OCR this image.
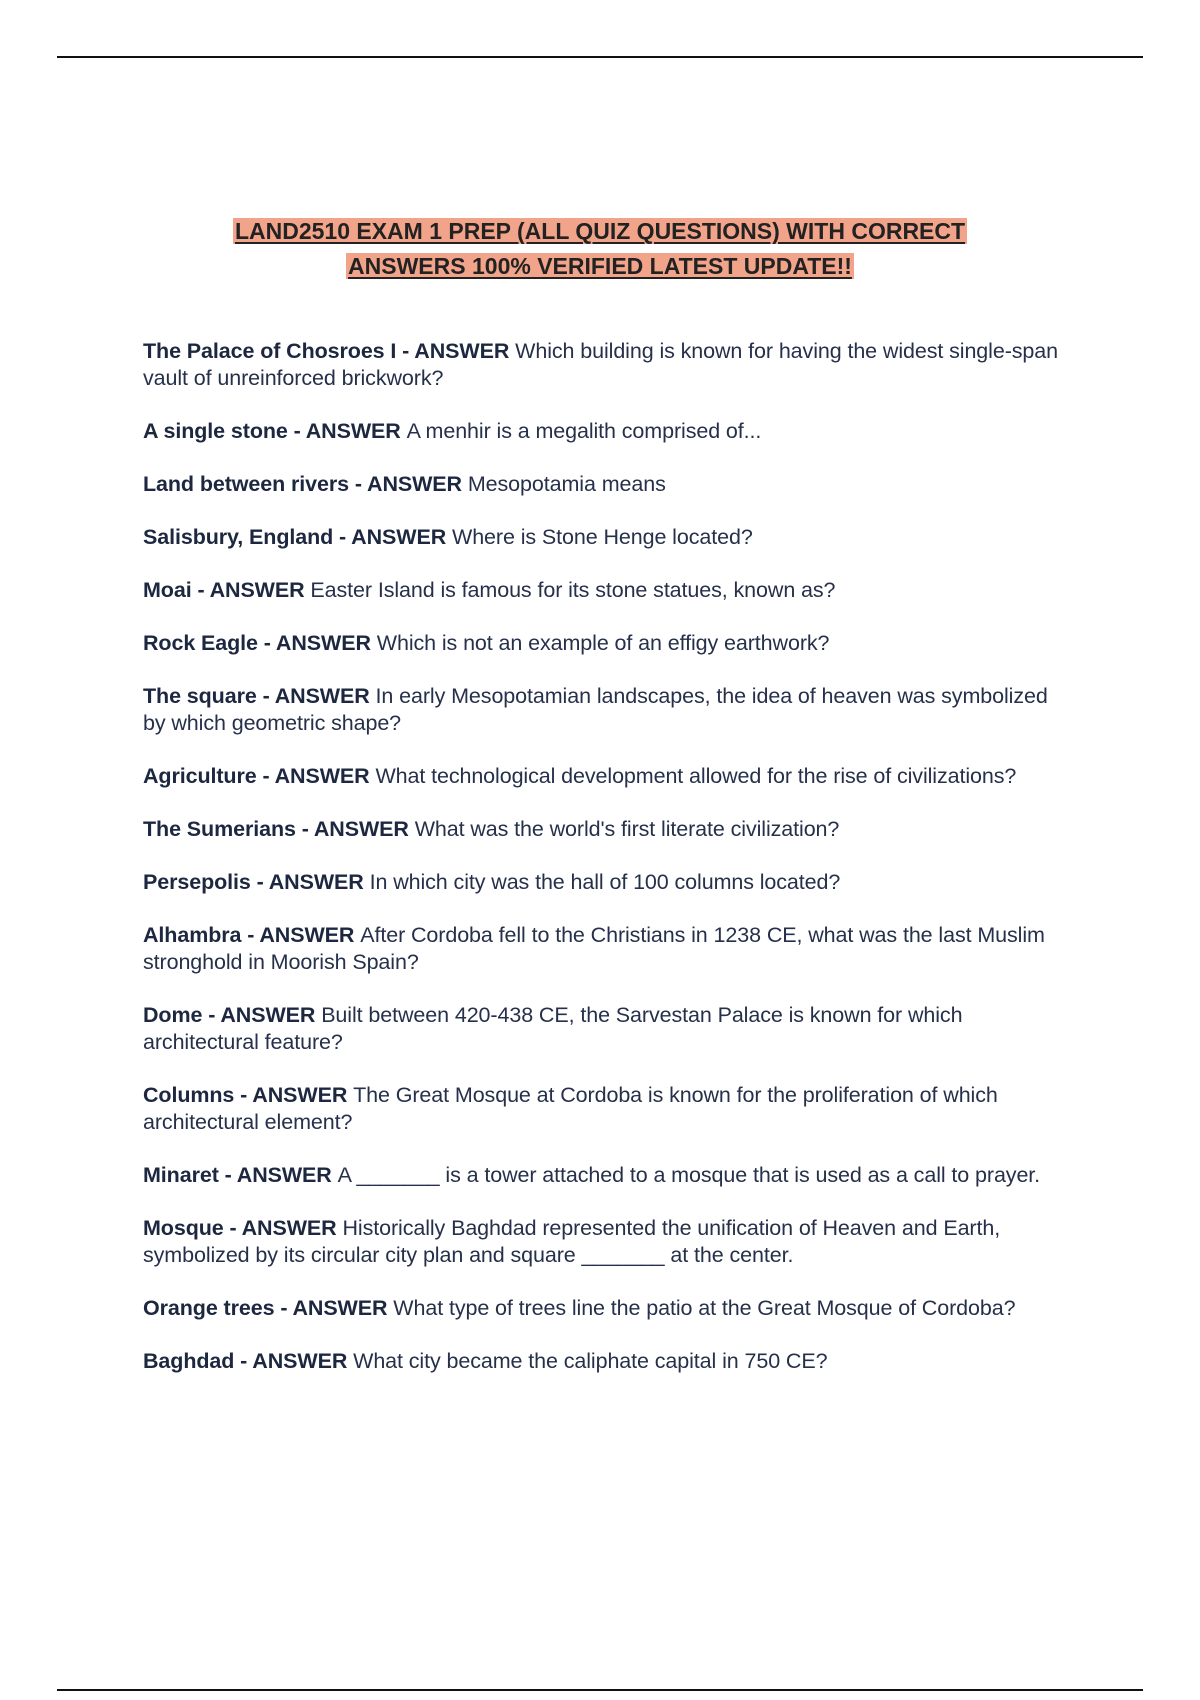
LAND2510 EXAM 1 PREP (ALL QUIZ QUESTIONS) WITH CORRECT
ANSWERS 100% VERIFIED LATEST UPDATE!!
The Palace of Chosroes I - ANSWER Which building is known for having the widest single-span vault of unreinforced brickwork?
A single stone - ANSWER A menhir is a megalith comprised of...
Land between rivers - ANSWER Mesopotamia means
Salisbury, England - ANSWER Where is Stone Henge located?
Moai - ANSWER Easter Island is famous for its stone statues, known as?
Rock Eagle - ANSWER Which is not an example of an effigy earthwork?
The square - ANSWER In early Mesopotamian landscapes, the idea of heaven was symbolized by which geometric shape?
Agriculture - ANSWER What technological development allowed for the rise of civilizations?
The Sumerians - ANSWER What was the world's first literate civilization?
Persepolis - ANSWER In which city was the hall of 100 columns located?
Alhambra - ANSWER After Cordoba fell to the Christians in 1238 CE, what was the last Muslim stronghold in Moorish Spain?
Dome - ANSWER Built between 420-438 CE, the Sarvestan Palace is known for which architectural feature?
Columns - ANSWER The Great Mosque at Cordoba is known for the proliferation of which architectural element?
Minaret - ANSWER A _______ is a tower attached to a mosque that is used as a call to prayer.
Mosque - ANSWER Historically Baghdad represented the unification of Heaven and Earth, symbolized by its circular city plan and square _______ at the center.
Orange trees - ANSWER What type of trees line the patio at the Great Mosque of Cordoba?
Baghdad - ANSWER What city became the caliphate capital in 750 CE?
